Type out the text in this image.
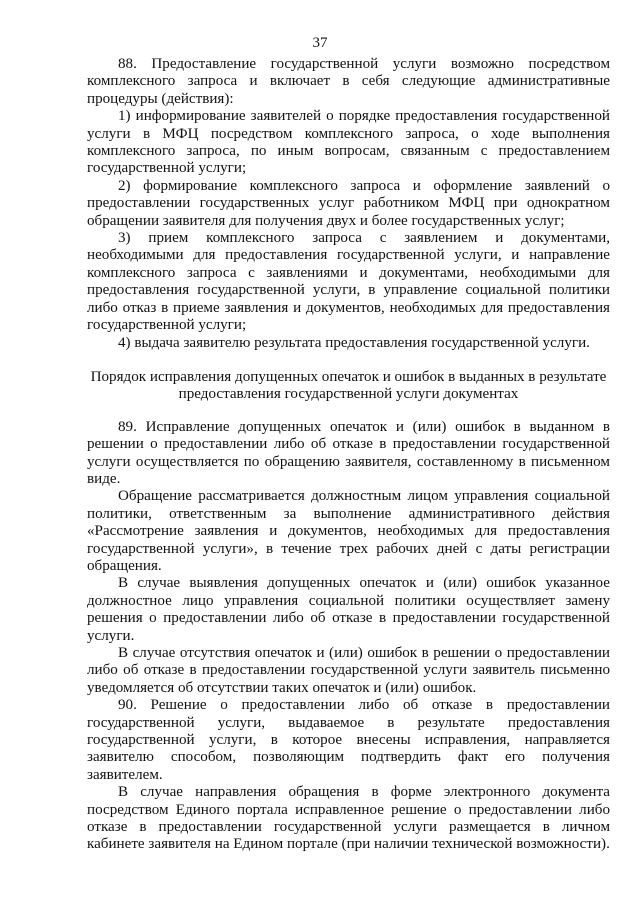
37

88. Предоставление государственной услуги возможно посредством комплексного запроса и включает в себя следующие административные процедуры (действия):

1) информирование заявителей о порядке предоставления государственной услуги в МФЦ посредством комплексного запроса, о ходе выполнения комплексного запроса, по иным вопросам, связанным с предоставлением государственной услуги;

2) формирование комплексного запроса и оформление заявлений о предоставлении государственных услуг работником МФЦ при однократном обращении заявителя для получения двух и более государственных услуг;

3) прием комплексного запроса с заявлением и документами, необходимыми для предоставления государственной услуги, и направление комплексного запроса с заявлениями и документами, необходимыми для предоставления государственной услуги, в управление социальной политики либо отказ в приеме заявления и документов, необходимых для предоставления государственной услуги;

4) выдача заявителю результата предоставления государственной услуги.

Порядок исправления допущенных опечаток и ошибок в выданных в результате предоставления государственной услуги документах

89. Исправление допущенных опечаток и (или) ошибок в выданном в решении о предоставлении либо об отказе в предоставлении государственной услуги осуществляется по обращению заявителя, составленному в письменном виде.

Обращение рассматривается должностным лицом управления социальной политики, ответственным за выполнение административного действия «Рассмотрение заявления и документов, необходимых для предоставления государственной услуги», в течение трех рабочих дней с даты регистрации обращения.

В случае выявления допущенных опечаток и (или) ошибок указанное должностное лицо управления социальной политики осуществляет замену решения о предоставлении либо об отказе в предоставлении государственной услуги.

В случае отсутствия опечаток и (или) ошибок в решении о предоставлении либо об отказе в предоставлении государственной услуги заявитель письменно уведомляется об отсутствии таких опечаток и (или) ошибок.

90. Решение о предоставлении либо об отказе в предоставлении государственной услуги, выдаваемое в результате предоставления государственной услуги, в которое внесены исправления, направляется заявителю способом, позволяющим подтвердить факт его получения заявителем.

В случае направления обращения в форме электронного документа посредством Единого портала исправленное решение о предоставлении либо отказе в предоставлении государственной услуги размещается в личном кабинете заявителя на Едином портале (при наличии технической возможности).
